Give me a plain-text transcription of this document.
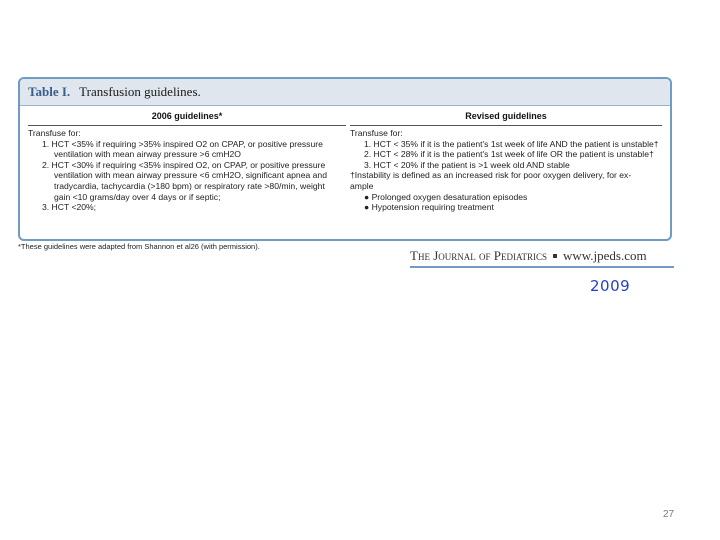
Table I. Transfusion guidelines.
2006 guidelines*	Revised guidelines
Transfuse for:
1. HCT <35% if requiring >35% inspired O2 on CPAP, or positive pressure
ventilation with mean airway pressure >6 cmH2O
2. HCT <30% if requiring <35% inspired O2, on CPAP, or positive pressure
ventilation with mean airway pressure <6 cmH2O, significant apnea and
tradycardia, tachycardia (>180 bpm) or respiratory rate >80/min, weight
gain <10 grams/day over 4 days or if septic;
3. HCT <20%;
Transfuse for:
1. HCT < 35% if it is the patient's 1st week of life AND the patient is unstable†
2. HCT < 28% if it is the patient's 1st week of life OR the patient is unstable†
3. HCT < 20% if the patient is >1 week old AND stable
†Instability is defined as an increased risk for poor oxygen delivery, for ex-
ample
● Prolonged oxygen desaturation episodes
● Hypotension requiring treatment
*These guidelines were adapted from Shannon et al26 (with permission).
The Journal of Pediatrics www.jpeds.com
2009
27
